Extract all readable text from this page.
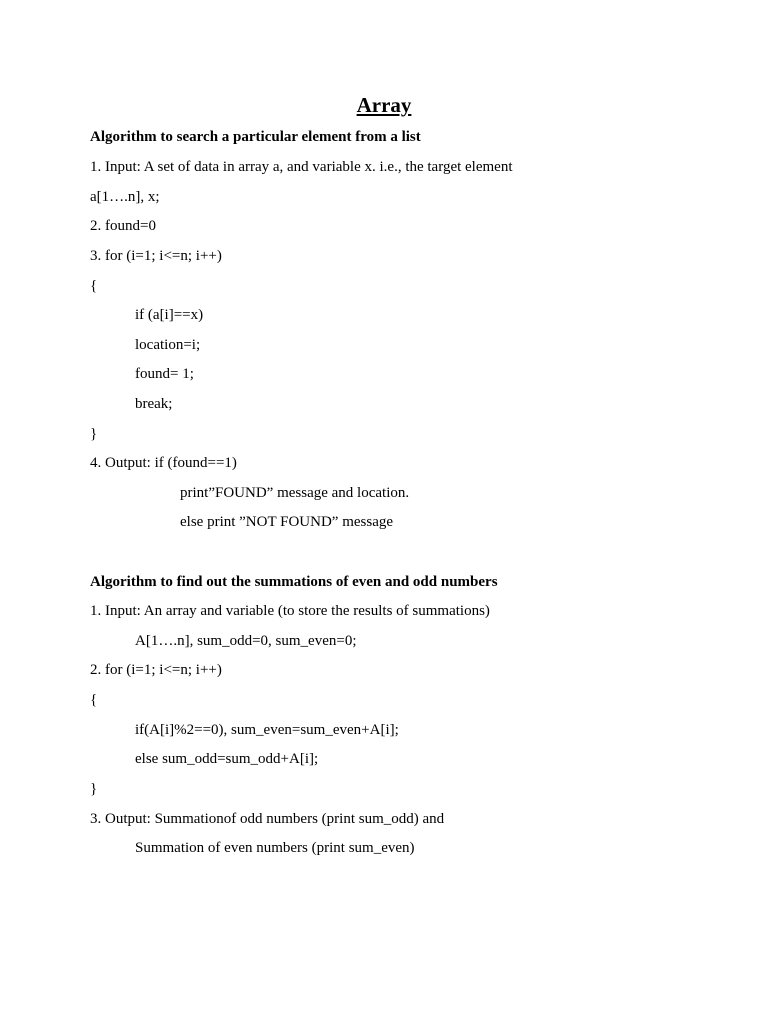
Array
Algorithm to search a particular element from a list
1. Input: A set of data in array a, and variable x. i.e., the target element
a[1….n], x;
2. found=0
3. for (i=1; i<=n; i++)
{
if (a[i]==x)
location=i;
found= 1;
break;
}
4. Output: if (found==1)
print”FOUND” message and location.
else print ”NOT FOUND” message
Algorithm to find out the summations of even and odd numbers
1. Input: An array and variable (to store the results of summations)
A[1….n], sum_odd=0, sum_even=0;
2. for (i=1; i<=n; i++)
{
if(A[i]%2==0), sum_even=sum_even+A[i];
else sum_odd=sum_odd+A[i];
}
3. Output: Summationof odd numbers (print sum_odd) and
Summation of even numbers (print sum_even)
